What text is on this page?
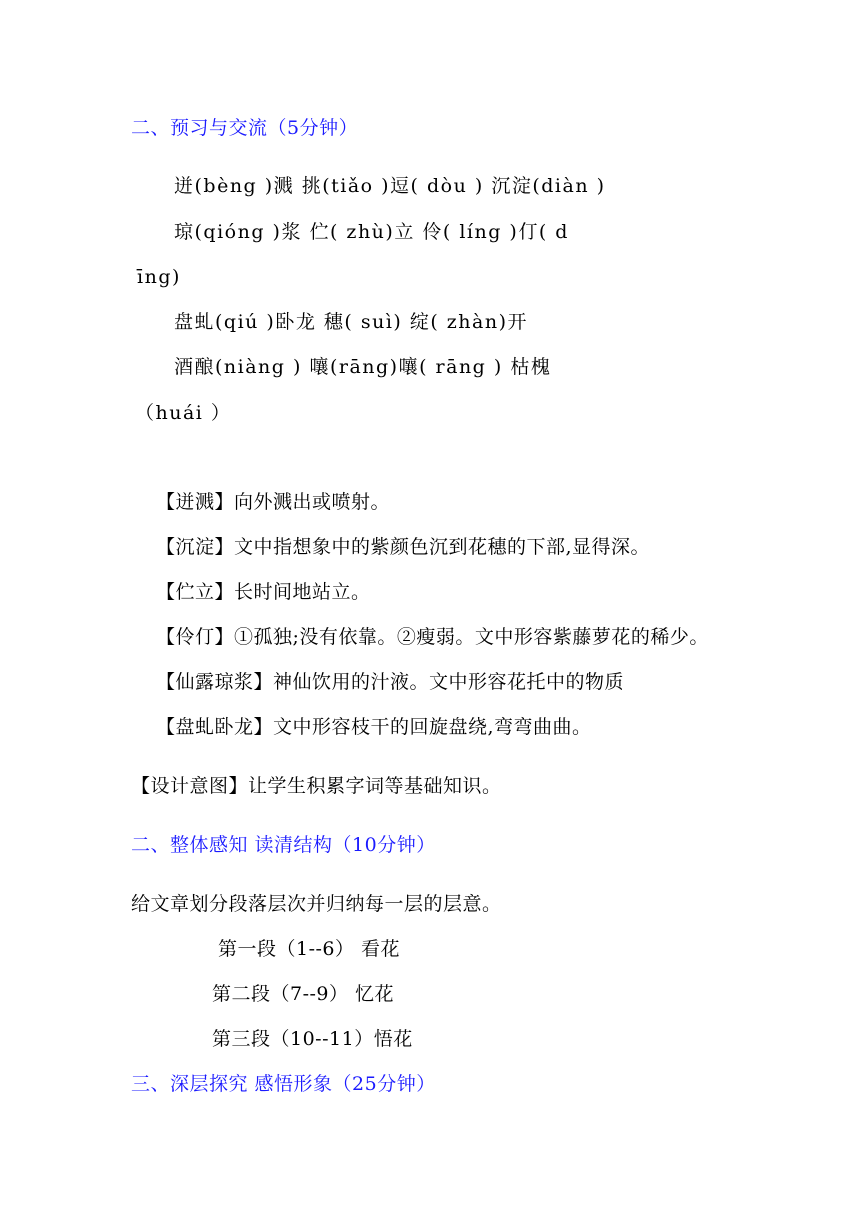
二、预习与交流（5分钟）
迸(bèng )溅 挑(tiǎo )逗( dòu ) 沉淀(diàn )
琼(qióng )浆 伫( zhù)立 伶( líng )仃( d
īng)
盘虬(qiú )卧龙 穗( suì) 绽( zhàn)开
酒酿(niàng ) 嚷(rāng)嚷( rāng ) 枯槐
（huái ）
【迸溅】向外溅出或喷射。
【沉淀】文中指想象中的紫颜色沉到花穗的下部,显得深。
【伫立】长时间地站立。
【伶仃】①孤独;没有依靠。②瘦弱。文中形容紫藤萝花的稀少。
【仙露琼浆】神仙饮用的汁液。文中形容花托中的物质
【盘虬卧龙】文中形容枝干的回旋盘绕,弯弯曲曲。
【设计意图】让学生积累字词等基础知识。
二、整体感知 读清结构（10分钟）
给文章划分段落层次并归纳每一层的层意。
第一段（1--6） 看花
第二段（7--9） 忆花
第三段（10--11）悟花
三、深层探究 感悟形象（25分钟）
